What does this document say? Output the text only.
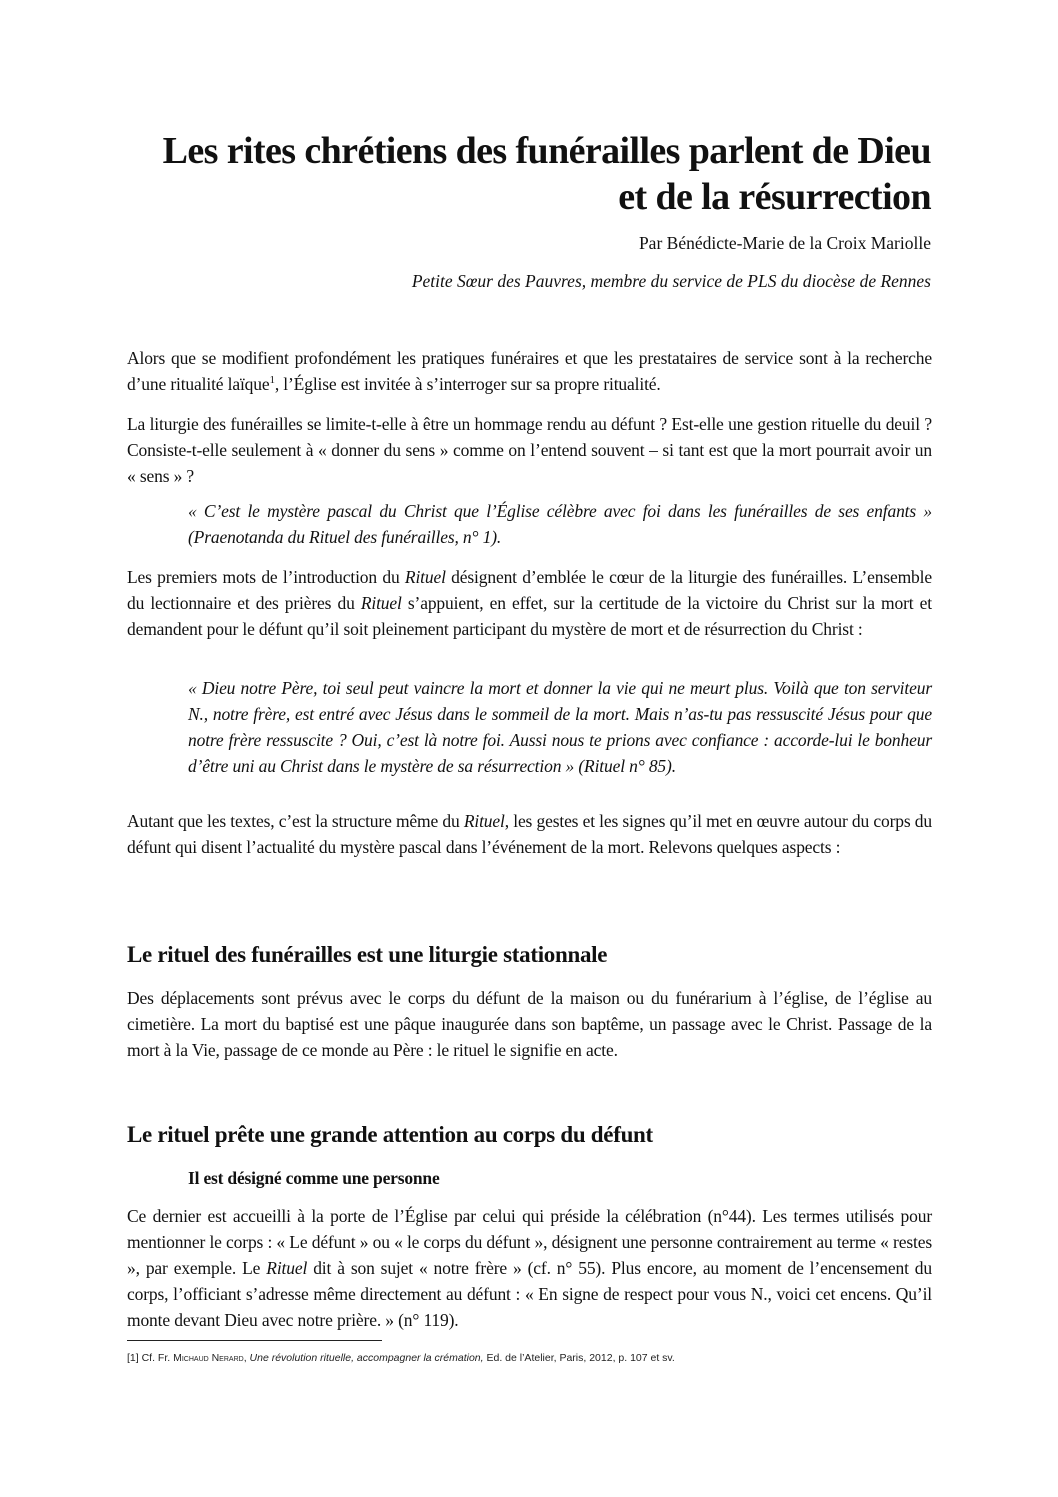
Les rites chrétiens des funérailles parlent de Dieu et de la résurrection
Par Bénédicte-Marie de la Croix Mariolle
Petite Sœur des Pauvres, membre du service de PLS du diocèse de Rennes

Alors que se modifient profondément les pratiques funéraires et que les prestataires de service sont à la recherche d’une ritualité laïque$^1$, l’Église est invitée à s’interroger sur sa propre ritualité.

La liturgie des funérailles se limite-t-elle à être un hommage rendu au défunt ? Est-elle une gestion rituelle du deuil ? Consiste-t-elle seulement à « donner du sens » comme on l’entend souvent – si tant est que la mort pourrait avoir un « sens » ?

« C’est le mystère pascal du Christ que l’Église célèbre avec foi dans les funérailles de ses enfants » (Praenotanda du Rituel des funérailles, n° 1).

Les premiers mots de l’introduction du Rituel désignent d’emblée le cœur de la liturgie des funérailles. L’ensemble du lectionnaire et des prières du Rituel s’appuient, en effet, sur la certitude de la victoire du Christ sur la mort et demandent pour le défunt qu’il soit pleinement participant du mystère de mort et de résurrection du Christ :

« Dieu notre Père, toi seul peut vaincre la mort et donner la vie qui ne meurt plus. Voilà que ton serviteur N., notre frère, est entré avec Jésus dans le sommeil de la mort. Mais n’as-tu pas ressuscité Jésus pour que notre frère ressuscite ? Oui, c’est là notre foi. Aussi nous te prions avec confiance : accorde-lui le bonheur d’être uni au Christ dans le mystère de sa résurrection » (Rituel n° 85).

Autant que les textes, c’est la structure même du Rituel, les gestes et les signes qu’il met en œuvre autour du corps du défunt qui disent l’actualité du mystère pascal dans l’événement de la mort. Relevons quelques aspects :

Le rituel des funérailles est une liturgie stationnale

Des déplacements sont prévus avec le corps du défunt de la maison ou du funérarium à l’église, de l’église au cimetière. La mort du baptisé est une pâque inaugurée dans son baptême, un passage avec le Christ. Passage de la mort à la Vie, passage de ce monde au Père : le rituel le signifie en acte.

Le rituel prête une grande attention au corps du défunt
Il est désigné comme une personne

Ce dernier est accueilli à la porte de l’Église par celui qui préside la célébration (n°44). Les termes utilisés pour mentionner le corps : « Le défunt » ou « le corps du défunt », désignent une personne contrairement au terme « restes », par exemple. Le Rituel dit à son sujet « notre frère » (cf. n° 55). Plus encore, au moment de l’encensement du corps, l’officiant s’adresse même directement au défunt : « En signe de respect pour vous N., voici cet encens. Qu’il monte devant Dieu avec notre prière. » (n° 119).

[1] Cf. Fr. Michaud Nerard, Une révolution rituelle, accompagner la crémation, Ed. de l’Atelier, Paris, 2012, p. 107 et sv.
